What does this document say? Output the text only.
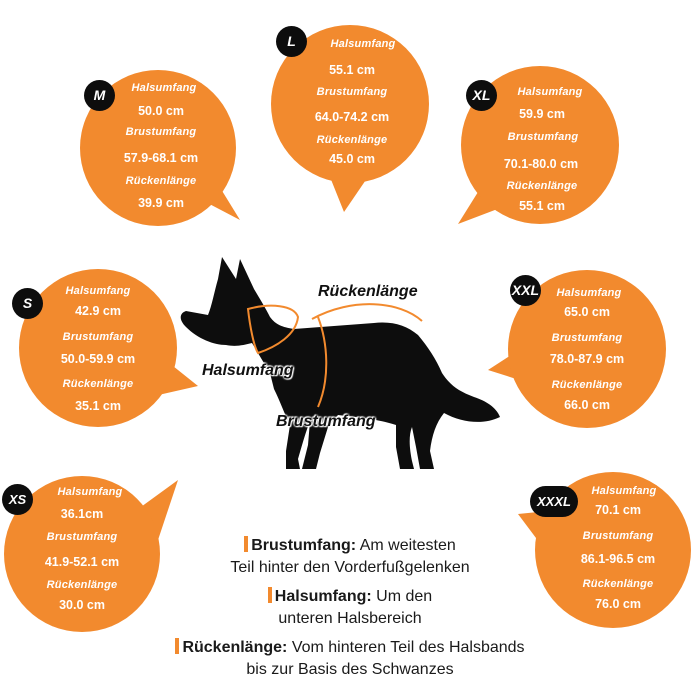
Halsumfang
50.0 cm
Brustumfang
57.9-68.1 cm
Rückenlänge
39.9 cm
M
Halsumfang
55.1 cm
Brustumfang
64.0-74.2 cm
Rückenlänge
45.0 cm
L
Halsumfang
59.9 cm
Brustumfang
70.1-80.0 cm
Rückenlänge
55.1 cm
XL
Halsumfang
42.9 cm
Brustumfang
50.0-59.9 cm
Rückenlänge
35.1 cm
S
Halsumfang
65.0 cm
Brustumfang
78.0-87.9 cm
Rückenlänge
66.0 cm
XXL
Halsumfang
36.1cm
Brustumfang
41.9-52.1 cm
Rückenlänge
30.0 cm
XS
Halsumfang
70.1 cm
Brustumfang
86.1-96.5 cm
Rückenlänge
76.0 cm
XXXL
Rückenlänge
Halsumfang
Brustumfang
Brustumfang: Am weitesten
Teil hinter den Vorderfußgelenken
Halsumfang: Um den
unteren Halsbereich
Rückenlänge: Vom hinteren Teil des Halsbands
bis zur Basis des Schwanzes
